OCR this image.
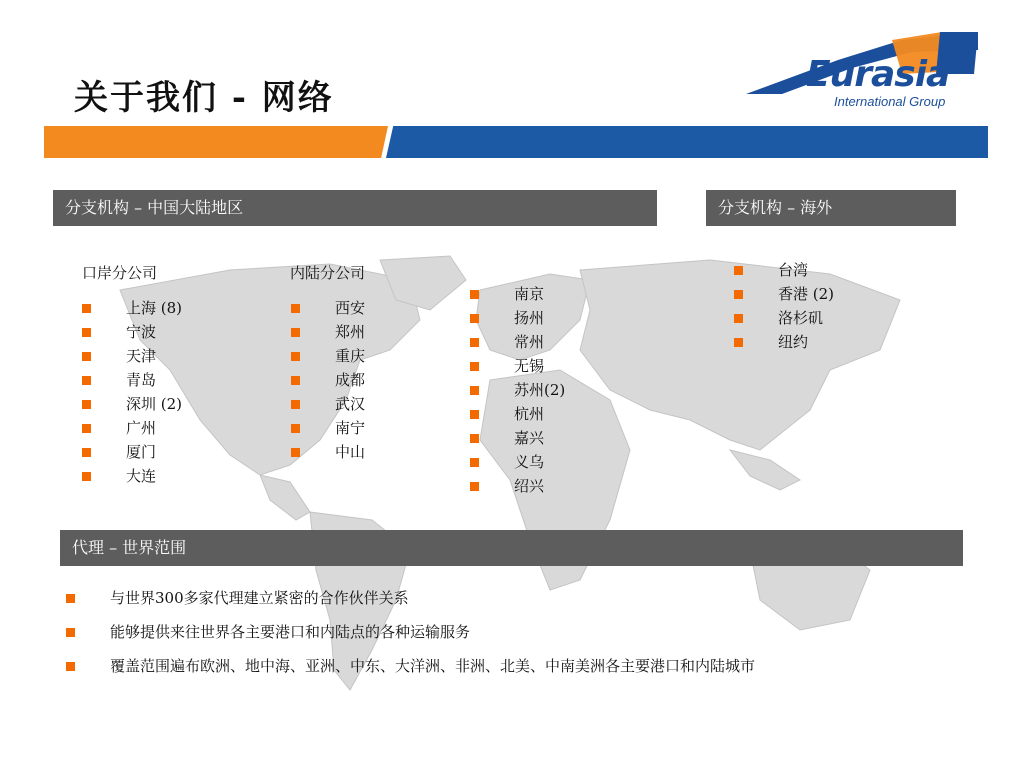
关于我们 - 网络
Eurasia
International Group
分支机构 – 中国大陆地区	分支机构 – 海外
口岸分公司	内陆分公司
上海 (8)
宁波
天津
青岛
深圳 (2)
广州
厦门
大连
西安
郑州
重庆
成都
武汉
南宁
中山
南京
扬州
常州
无锡
苏州(2)
杭州
嘉兴
义乌
绍兴
台湾
香港 (2)
洛杉矶
纽约
代理 – 世界范围
与世界300多家代理建立紧密的合作伙伴关系
能够提供来往世界各主要港口和内陆点的各种运输服务
覆盖范围遍布欧洲、地中海、亚洲、中东、大洋洲、非洲、北美、中南美洲各主要港口和内陆城市
